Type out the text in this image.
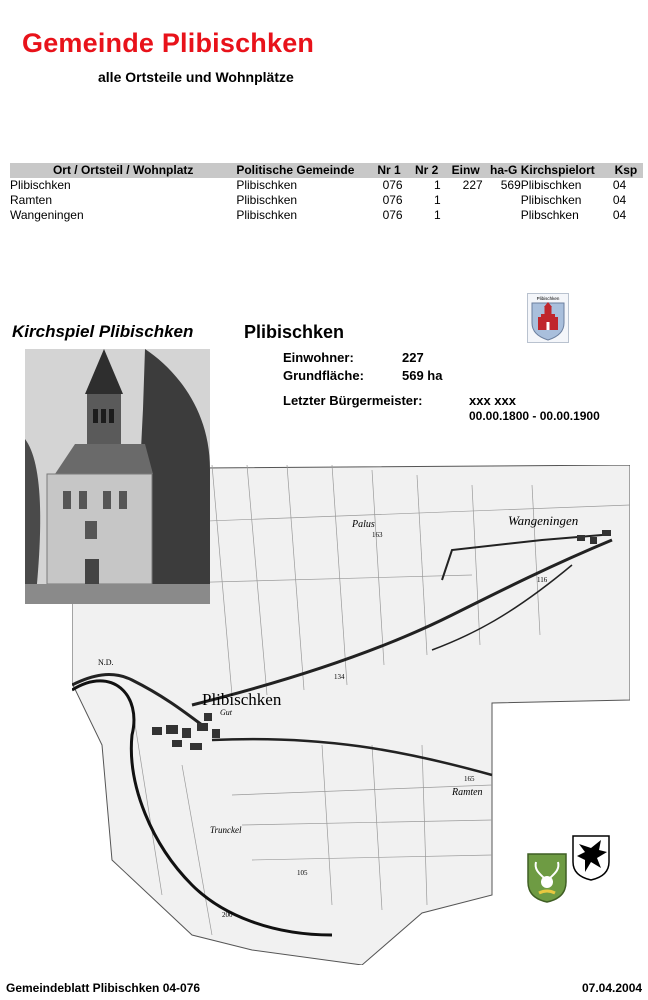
Gemeinde Plibischken
alle Ortsteile und Wohnplätze
Ort / Ortsteil / Wohnplatz	Politische Gemeinde	Nr 1	Nr 2	Einw	ha-G	Kirchspielort	Ksp
Plibischken	Plibischken	076	1	227	569	Plibischken	04
Ramten	Plibischken	076	1			Plibischken	04
Wangeningen	Plibischken	076	1			Plibschken	04
Plibischken
Kirchspiel Plibischken	Plibischken
Einwohner:	227
Grundfläche:	569 ha
Letzter Bürgermeister:	xxx xxx
00.00.1800 - 00.00.1900
Plibischken
Wangeningen
Ramten
Palus
Gut
N.D.
Trunckel
163
116
134
165
105
200
Gemeindeblatt Plibischken 04-076	07.04.2004
